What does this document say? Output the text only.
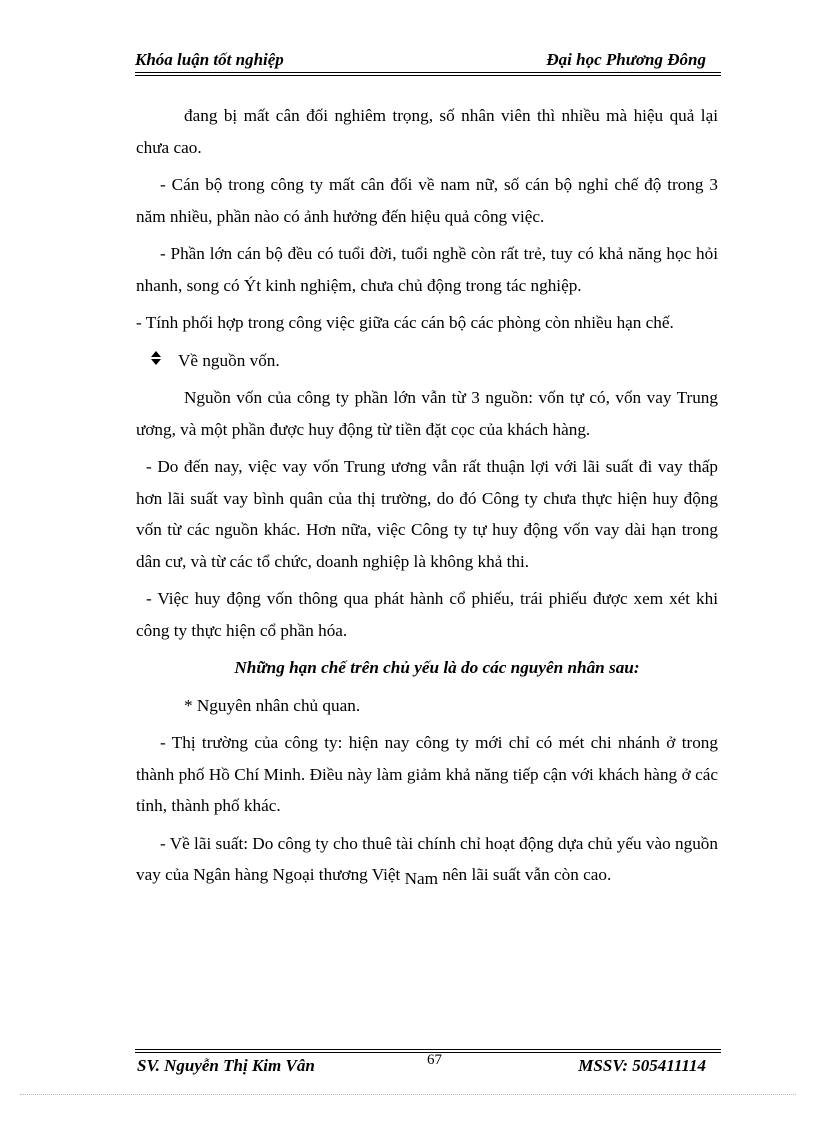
Khóa luận tốt nghiệp	Đại học Phương Đông

đang bị mất cân đối nghiêm trọng, số nhân viên thì nhiều mà hiệu quả lại chưa cao.

- Cán bộ trong công ty mất cân đối về nam nữ, số cán bộ nghỉ chế độ trong 3 năm nhiều, phần nào có ảnh hưởng đến hiệu quả công việc.

- Phần lớn cán bộ đều có tuổi đời, tuổi nghề còn rất trẻ, tuy có khả năng học hỏi nhanh, song có Ýt kinh nghiệm, chưa chủ động trong tác nghiệp.

- Tính phối hợp trong công việc giữa các cán bộ các phòng còn nhiều hạn chế.

Về nguồn vốn.

Nguồn vốn của công ty phần lớn vẫn từ 3 nguồn: vốn tự có, vốn vay Trung ương, và một phần được huy động từ tiền đặt cọc của khách hàng.

- Do đến nay, việc vay vốn Trung ương vẫn rất thuận lợi với lãi suất đi vay thấp hơn lãi suất vay bình quân của thị trường, do đó Công ty chưa thực hiện huy động vốn từ các nguồn khác. Hơn nữa, việc Công ty tự huy động vốn vay dài hạn trong dân cư, và từ các tổ chức, doanh nghiệp là không khả thi.

- Việc huy động vốn thông qua phát hành cổ phiếu, trái phiếu được xem xét khi công ty thực hiện cổ phần hóa.

Những hạn chế trên chủ yếu là do các nguyên nhân sau:

* Nguyên nhân chủ quan.

- Thị trường của công ty: hiện nay công ty mới chỉ có mét chi nhánh ở trong thành phố Hồ Chí Minh. Điều này làm giảm khả năng tiếp cận với khách hàng ở các tỉnh, thành phố khác.

- Về lãi suất: Do công ty cho thuê tài chính chỉ hoạt động dựa chủ yếu vào nguồn vay của Ngân hàng Ngoại thương Việt Nam nên lãi suất vẫn còn cao.

SV. Nguyễn Thị Kim Vân	67	MSSV: 505411114
